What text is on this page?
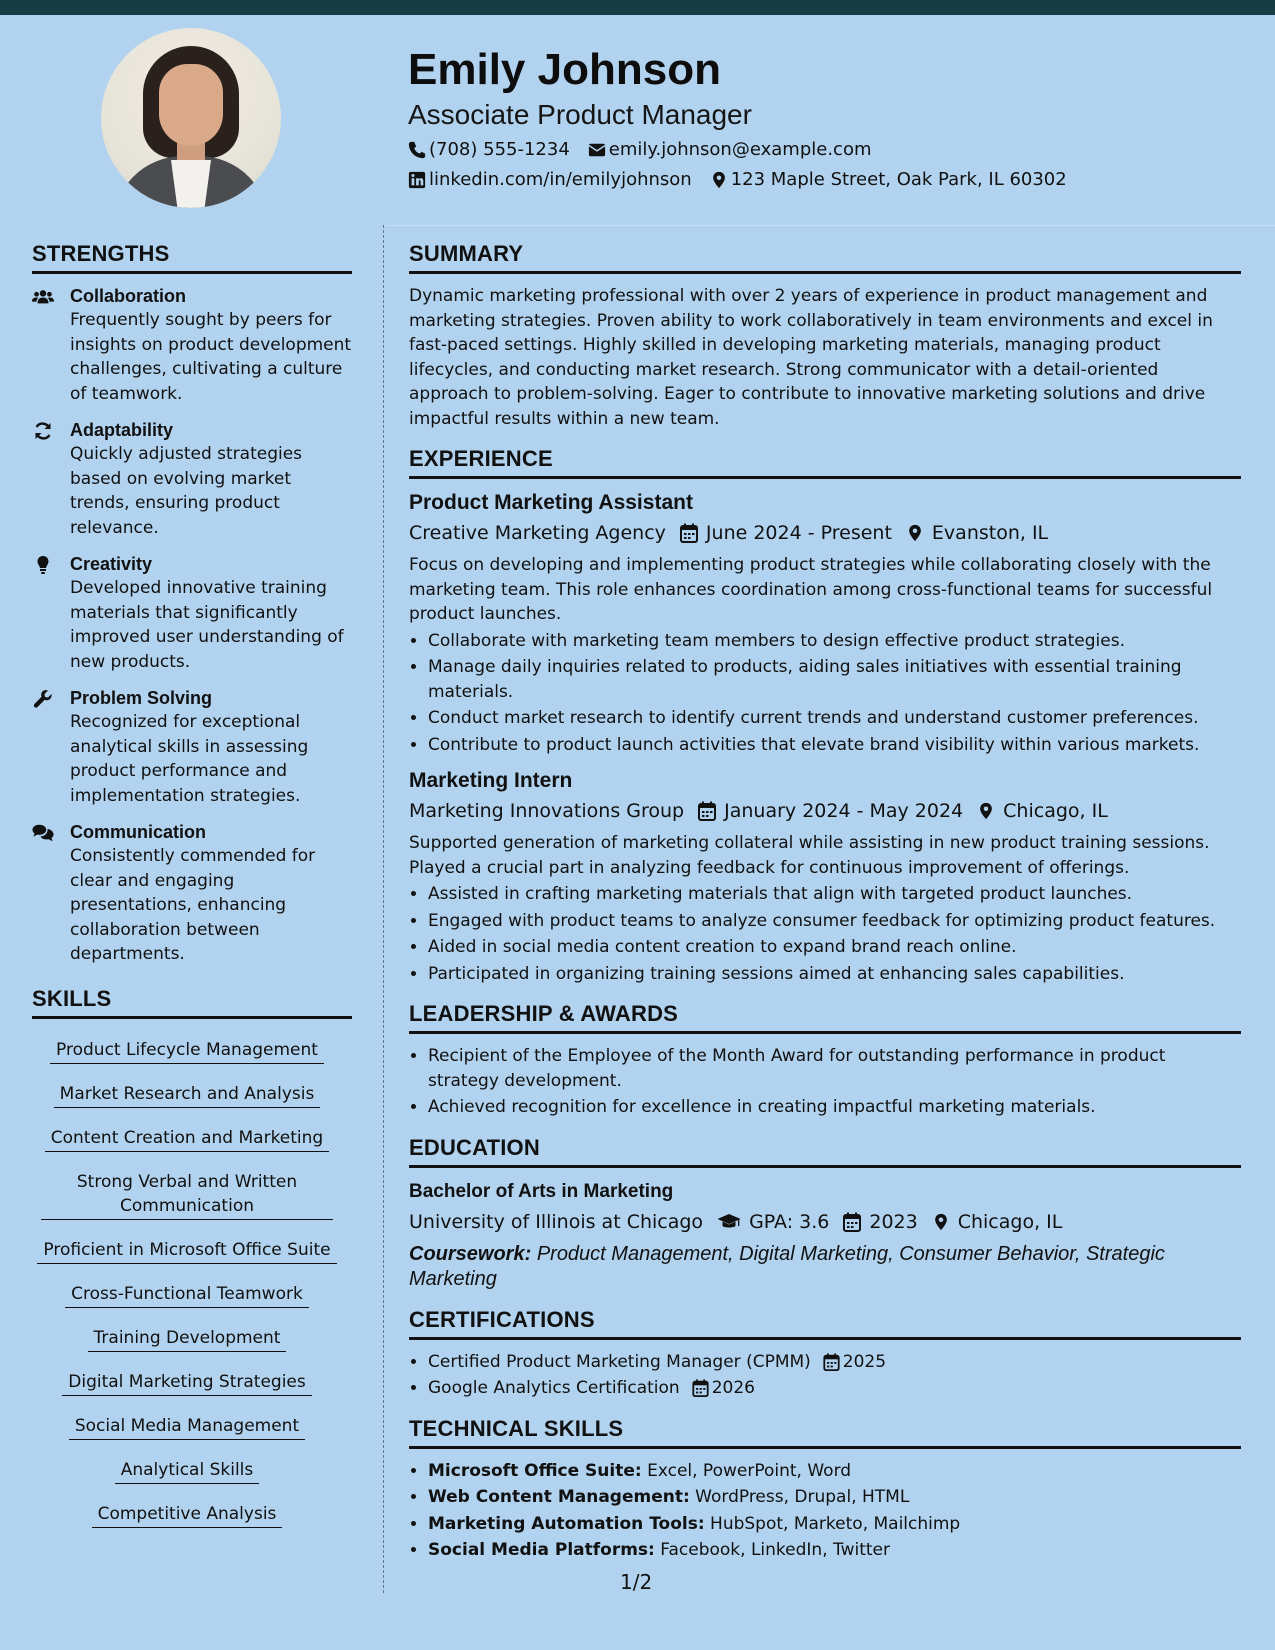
Emily Johnson
Associate Product Manager
(708) 555-1234 emily.johnson@example.com
linkedin.com/in/emilyjohnson 123 Maple Street, Oak Park, IL 60302
STRENGTHS
Collaboration
Frequently sought by peers for insights on product development challenges, cultivating a culture of teamwork.
Adaptability
Quickly adjusted strategies based on evolving market trends, ensuring product relevance.
Creativity
Developed innovative training materials that significantly improved user understanding of new products.
Problem Solving
Recognized for exceptional analytical skills in assessing product performance and implementation strategies.
Communication
Consistently commended for clear and engaging presentations, enhancing collaboration between departments.
SKILLS
Product Lifecycle Management
Market Research and Analysis
Content Creation and Marketing
Strong Verbal and Written Communication
Proficient in Microsoft Office Suite
Cross-Functional Teamwork
Training Development
Digital Marketing Strategies
Social Media Management
Analytical Skills
Competitive Analysis
SUMMARY

Dynamic marketing professional with over 2 years of experience in product management and marketing strategies. Proven ability to work collaboratively in team environments and excel in fast-paced settings. Highly skilled in developing marketing materials, managing product lifecycles, and conducting market research. Strong communicator with a detail-oriented approach to problem-solving. Eager to contribute to innovative marketing solutions and drive impactful results within a new team.

EXPERIENCE
Product Marketing Assistant
Creative Marketing Agency June 2024 - Present Evanston, IL

Focus on developing and implementing product strategies while collaborating closely with the marketing team. This role enhances coordination among cross-functional teams for successful product launches.

• Collaborate with marketing team members to design effective product strategies.
• Manage daily inquiries related to products, aiding sales initiatives with essential training materials.
• Conduct market research to identify current trends and understand customer preferences.
• Contribute to product launch activities that elevate brand visibility within various markets.
Marketing Intern
Marketing Innovations Group January 2024 - May 2024 Chicago, IL

Supported generation of marketing collateral while assisting in new product training sessions. Played a crucial part in analyzing feedback for continuous improvement of offerings.

• Assisted in crafting marketing materials that align with targeted product launches.
• Engaged with product teams to analyze consumer feedback for optimizing product features.
• Aided in social media content creation to expand brand reach online.
• Participated in organizing training sessions aimed at enhancing sales capabilities.
LEADERSHIP & AWARDS
• Recipient of the Employee of the Month Award for outstanding performance in product strategy development.
• Achieved recognition for excellence in creating impactful marketing materials.
EDUCATION
Bachelor of Arts in Marketing
University of Illinois at Chicago GPA: 3.6 2023 Chicago, IL
Coursework: Product Management, Digital Marketing, Consumer Behavior, Strategic Marketing
CERTIFICATIONS
• Certified Product Marketing Manager (CPMM) 2025
• Google Analytics Certification 2026
TECHNICAL SKILLS
• Microsoft Office Suite: Excel, PowerPoint, Word
• Web Content Management: WordPress, Drupal, HTML
• Marketing Automation Tools: HubSpot, Marketo, Mailchimp
• Social Media Platforms: Facebook, LinkedIn, Twitter
1/2
